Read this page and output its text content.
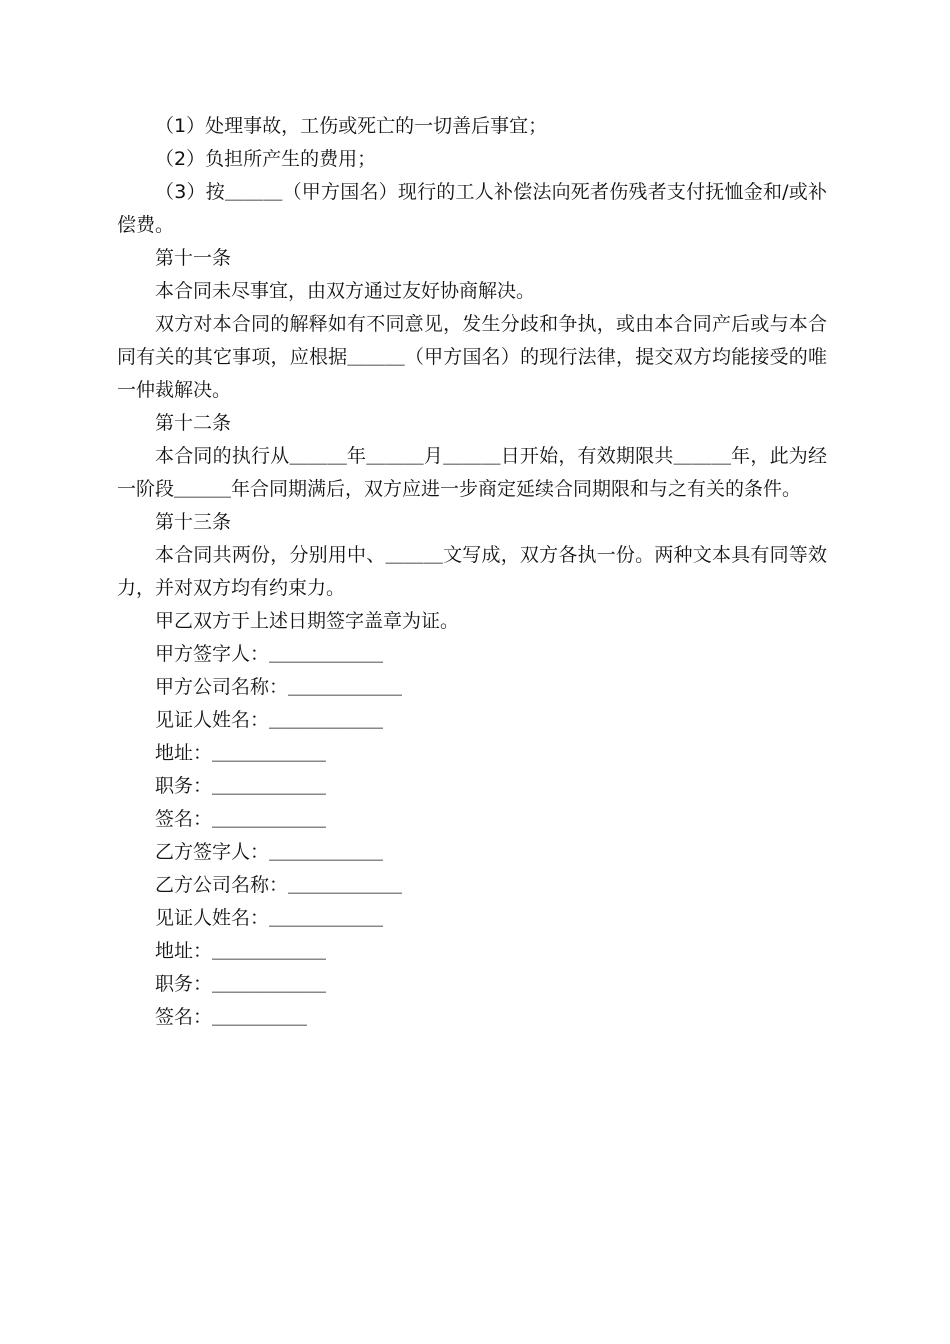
（1）处理事故，工伤或死亡的一切善后事宜；

（2）负担所产生的费用；

（3）按＿＿＿（甲方国名）现行的工人补偿法向死者伤残者支付抚恤金和/或补偿费。

第十一条

本合同未尽事宜，由双方通过友好协商解决。

双方对本合同的解释如有不同意见，发生分歧和争执，或由本合同产后或与本合同有关的其它事项，应根据＿＿＿（甲方国名）的现行法律，提交双方均能接受的唯一仲裁解决。

第十二条

本合同的执行从＿＿＿年＿＿＿月＿＿＿日开始，有效期限共＿＿＿年，此为经一阶段＿＿＿年合同期满后，双方应进一步商定延续合同期限和与之有关的条件。

第十三条

本合同共两份，分别用中、＿＿＿文写成，双方各执一份。两种文本具有同等效力，并对双方均有约束力。

甲乙双方于上述日期签字盖章为证。

甲方签字人：＿＿＿＿＿＿

甲方公司名称：＿＿＿＿＿＿

见证人姓名：＿＿＿＿＿＿

地址：＿＿＿＿＿＿

职务：＿＿＿＿＿＿

签名：＿＿＿＿＿＿

乙方签字人：＿＿＿＿＿＿

乙方公司名称：＿＿＿＿＿＿

见证人姓名：＿＿＿＿＿＿

地址：＿＿＿＿＿＿

职务：＿＿＿＿＿＿

签名：＿＿＿＿＿
